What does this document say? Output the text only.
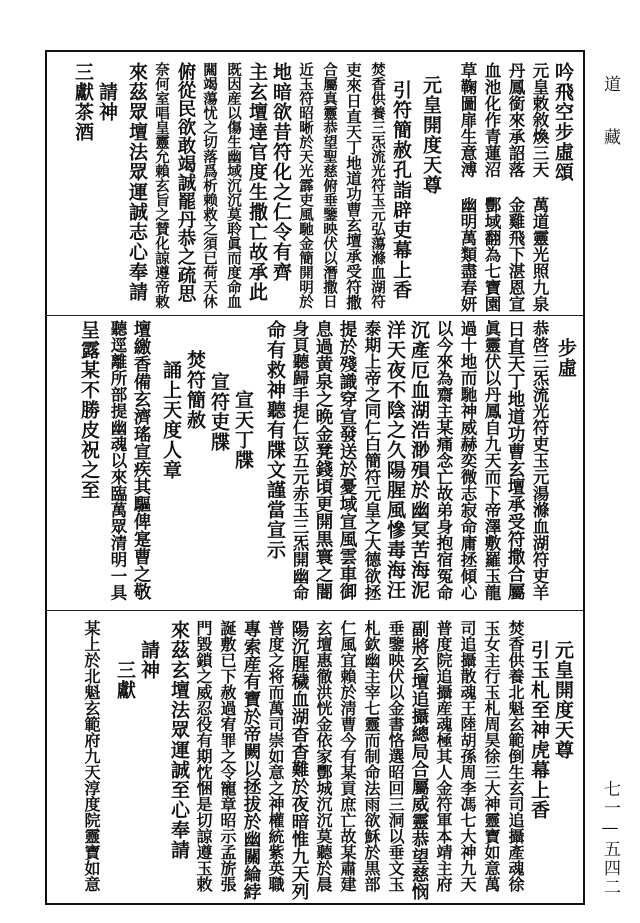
吟飛空步虛頌
元皇敕敘煥三天 萬道靈光照九泉
丹鳳銜來承詔落 金雞飛下湛恩宣
血池化作青蓮沼 酆域翻為七寶園
草鞠圖扉生意溥 幽明萬類盡春妍
元皇開度天尊
引符簡赦孔詣辟吏幕上香
焚香供養三炁流光符玉元弘蕩滌血湖符
吏來日直天丁地道功曹玄壇承受符撒
合屬真靈恭望聖慈俯垂鑒映伏以潛撒日
近玉符昭晰於天光霹吏風馳金簡開明於
地暗欲昔符化之仁令有齊
主玄壇達官度生撒亡故承此
既因産以傷生幽域沉沉莫聆眞而度命血
闗竭蕩忧之切落爲析赖救之須已荷天休
俯從民欲敢竭誠罷丹恭之疏思
奈何室唱皇靈允賴玄旨之賛化諒遵帝敕
來茲眾壇法眾運誠志心奉請
請神
三獻茶酒
步虛
恭啓三炁流光符吏玉元湯滌血湖符吏羊
日直天丁地道功曹玄壇承受符撒合屬
眞靈伏以丹鳳自九天而下帝澤敷羅玉龍
過十地而馳神威赫奕微志寂命庸拯傾心
以今來為齋主某痛念亡故弟身抱宿冤命
沉產厄血湖浩渺殞於幽冥苦海泥
洋天夜不陰之久陽腥風慘毒海汪
泰期上帝之同仁白簡符元皇之大德欲拯
提於殘識穿宣發送於憂域宣風雲車御
息過黄泉之晩金凳錢頃更開黒寰之闇
身頁聽歸手提仁苡五元赤玉三炁開幽命
命有救神聽有牒文謹當宣示
宣天丁牒
宣符吏牒
焚符簡赦
誦上天度人章
壇繳香備玄濟瑤宣疾其驅俾寔曹之敬
聽逕離所部提幽魂以來臨萬眾清明一具
呈露某不勝皮祝之至
元皇開度天尊
引玉札至神虎幕上香
焚香供養北魁玄範倒生玄司追攝產魂徐
玉女主行玉札周昊徐三大神靈寶如意萬
司追攝散魂王陸胡孫周李馮七大神九天
普度院追攝産魂極其人金符軍本靖主府
副將玄壇追攝總局合屬威靈恭望慈悯
垂鑒映伏以金書恪選昭回三洞以垂文玉
札欽幽主宰七靈而制命法雨欲穌於黒部
仁風宜賴於淸曹今有某貢庶亡故某肅建
玄壇惠徹洪恍金依家酆城沉沉莫聽於晨
陽沉腥穢血湖杳杳難於夜暗惟九天列
普度之将而萬司崇如意之神權統紫英職
專索産有寶於帝闕以拯拔於幽關綸綍
誕敷已下赦過宥罪之令寵章昭示孟旂張
門毀鎖之威忍役有期忱悃是切諒遵玉敕
來茲玄壇法眾運誠至心奉請
請神
三獻
某上於北魁玄範府九天淳度院靈寶如意
道 藏
七一—五四二
